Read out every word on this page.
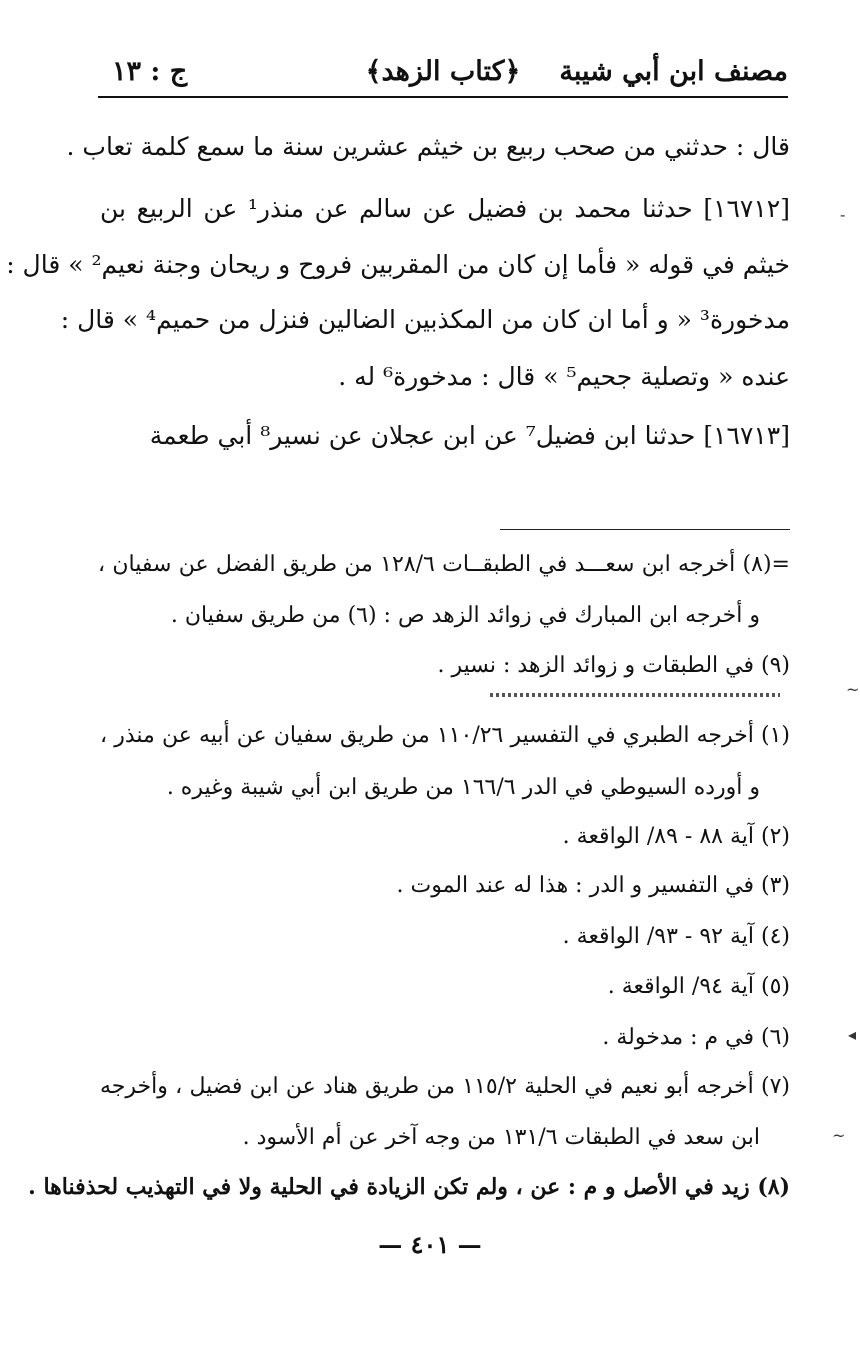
مصنف ابن أبي شيبة
﴿كتاب الزهد﴾
ج : ١٣
قال : حدثني من صحب ربيع بن خيثم عشرين سنة ما سمع كلمة تعاب .
[١٦٧١٢] حدثنا محمد بن فضيل عن سالم عن منذر¹ عن الربيع بن
خيثم في قوله « فأما إن كان من المقربين فروح و ريحان وجنة نعيم² » قال :
مدخورة³ « و أما ان كان من المكذبين الضالين فنزل من حميم⁴ » قال :
عنده « وتصلية جحيم⁵ » قال : مدخورة⁶ له .
[١٦٧١٣] حدثنا ابن فضيل⁷ عن ابن عجلان عن نسير⁸ أبي طعمة
=(٨) أخرجه ابن سعـــد في الطبقــات ١٢٨/٦ من طريق الفضل عن سفيان ،
و أخرجه ابن المبارك في زوائد الزهد ص : (٦) من طريق سفيان .
(٩) في الطبقات و زوائد الزهد : نسير .
(١) أخرجه الطبري في التفسير ١١٠/٢٦ من طريق سفيان عن أبيه عن منذر ،
و أورده السيوطي في الدر ١٦٦/٦ من طريق ابن أبي شيبة وغيره .
(٢) آية ٨٨ - ٨٩/ الواقعة .
(٣) في التفسير و الدر : هذا له عند الموت .
(٤) آية ٩٢ - ٩٣/ الواقعة .
(٥) آية ٩٤/ الواقعة .
(٦) في م : مدخولة .
(٧) أخرجه أبو نعيم في الحلية ١١٥/٢ من طريق هناد عن ابن فضيل ، وأخرجه
ابن سعد في الطبقات ١٣١/٦ من وجه آخر عن أم الأسود .
(٨) زيد في الأصل و م : عن ، ولم تكن الزيادة في الحلية ولا في التهذيب لحذفناها .
— ٤٠١ —
-
~
◂
~
